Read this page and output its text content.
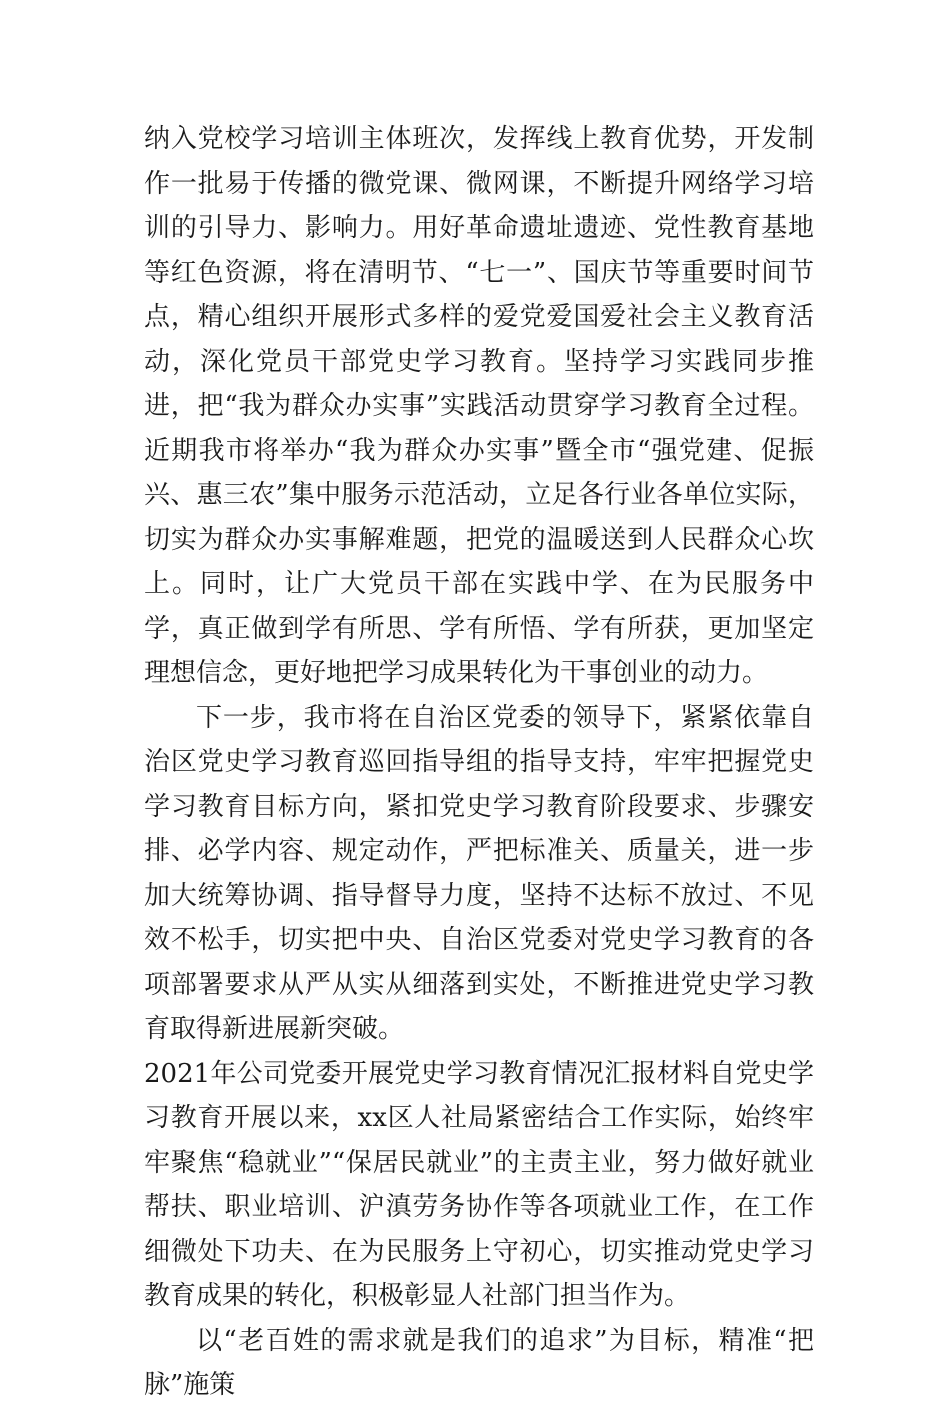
纳入党校学习培训主体班次，发挥线上教育优势，开发制作一批易于传播的微党课、微网课，不断提升网络学习培训的引导力、影响力。用好革命遗址遗迹、党性教育基地等红色资源，将在清明节、“七一”、国庆节等重要时间节点，精心组织开展形式多样的爱党爱国爱社会主义教育活动，深化党员干部党史学习教育。坚持学习实践同步推进，把“我为群众办实事”实践活动贯穿学习教育全过程。近期我市将举办“我为群众办实事”暨全市“强党建、促振兴、惠三农”集中服务示范活动，立足各行业各单位实际，切实为群众办实事解难题，把党的温暖送到人民群众心坎上。同时，让广大党员干部在实践中学、在为民服务中学，真正做到学有所思、学有所悟、学有所获，更加坚定理想信念，更好地把学习成果转化为干事创业的动力。

下一步，我市将在自治区党委的领导下，紧紧依靠自治区党史学习教育巡回指导组的指导支持，牢牢把握党史学习教育目标方向，紧扣党史学习教育阶段要求、步骤安排、必学内容、规定动作，严把标准关、质量关，进一步加大统筹协调、指导督导力度，坚持不达标不放过、不见效不松手，切实把中央、自治区党委对党史学习教育的各项部署要求从严从实从细落到实处，不断推进党史学习教育取得新进展新突破。

2021年公司党委开展党史学习教育情况汇报材料自党史学习教育开展以来，xx区人社局紧密结合工作实际，始终牢牢聚焦“稳就业”“保居民就业”的主责主业，努力做好就业帮扶、职业培训、沪滇劳务协作等各项就业工作，在工作细微处下功夫、在为民服务上守初心，切实推动党史学习教育成果的转化，积极彰显人社部门担当作为。

以“老百姓的需求就是我们的追求”为目标，精准“把脉”施策
